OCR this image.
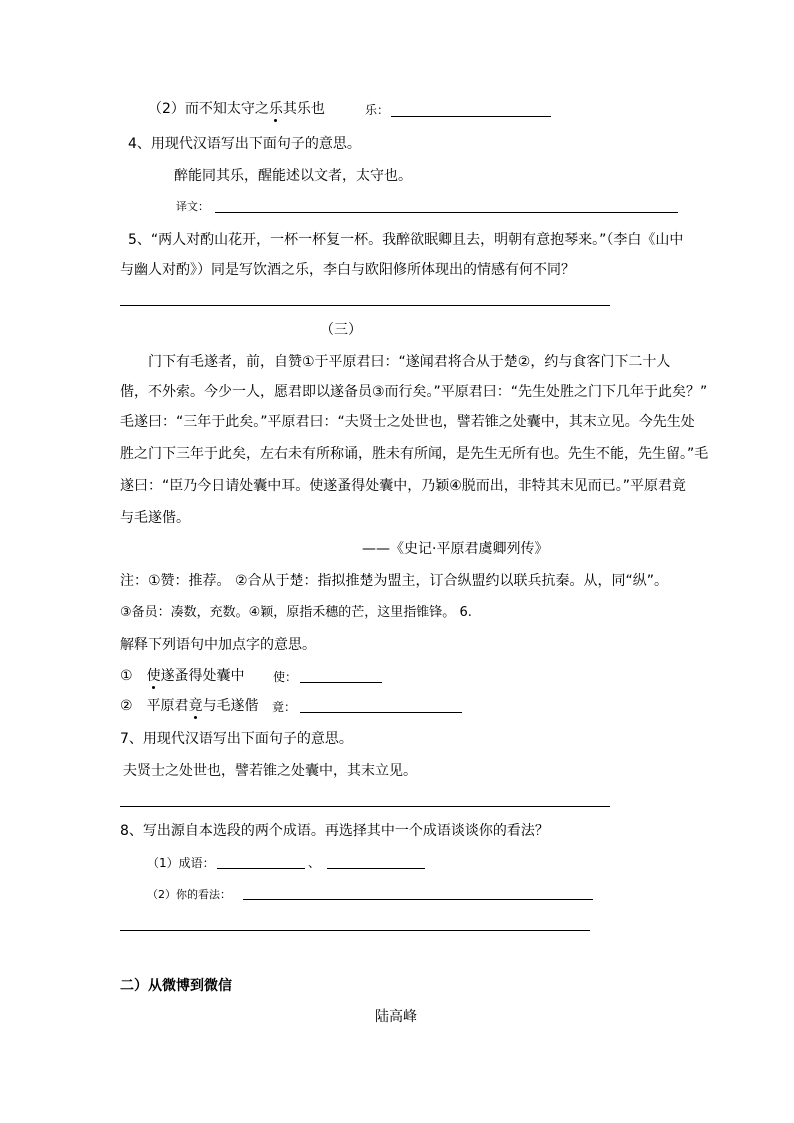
（2）而不知太守之乐其乐也	乐：
4、用现代汉语写出下面句子的意思。
醉能同其乐，醒能述以文者，太守也。
译文：
5、“两人对酌山花开，一杯一杯复一杯。我醉欲眠卿且去，明朝有意抱琴来。”（李白《山中
与幽人对酌》）同是写饮酒之乐，李白与欧阳修所体现出的情感有何不同？
（三）
门下有毛遂者，前，自赞①于平原君曰：“遂闻君将合从于楚②，约与食客门下二十人
偕，不外索。今少一人，愿君即以遂备员③而行矣。”平原君曰：“先生处胜之门下几年于此矣？”
毛遂曰：“三年于此矣。”平原君曰：“夫贤士之处世也，譬若锥之处囊中，其末立见。今先生处
胜之门下三年于此矣，左右未有所称诵，胜未有所闻，是先生无所有也。先生不能，先生留。”毛
遂曰：“臣乃今日请处囊中耳。使遂蚤得处囊中，乃颖④脱而出，非特其末见而已。”平原君竟
与毛遂偕。
——《史记·平原君虞卿列传》
注：①赞：推荐。 ②合从于楚：指拟推楚为盟主，订合纵盟约以联兵抗秦。从，同“纵”。
③备员：凑数，充数。④颖，原指禾穗的芒，这里指锥锋。 6.
解释下列语句中加点字的意思。
① 使遂蚤得处囊中 使：
② 平原君竟与毛遂偕 竟：
7、用现代汉语写出下面句子的意思。
夫贤士之处世也，譬若锥之处囊中，其末立见。
8、写出源自本选段的两个成语。再选择其中一个成语谈谈你的看法？
（1）成语：	、
（2）你的看法：
二）从微博到微信
陆高峰
